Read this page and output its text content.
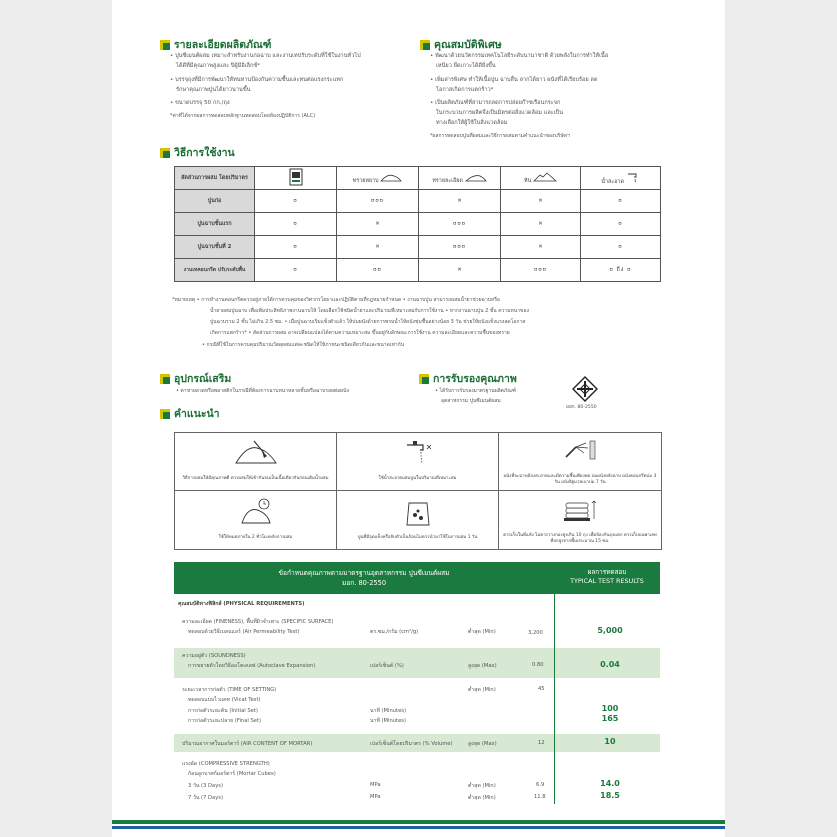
รายละเอียดผลิตภัณฑ์
• ปูนซีเมนต์ผสม เหมาะสำหรับงานก่อฉาบ และงานเทปรับระดับที่ใช้ในงานทั่วไป
ได้ดีที่มีคุณภาพสูงและ ปิผู้มีอิเล็กซ์*
• บรรจุถุงที่มีการพัฒนาให้ทนทานป้องกันความชื้นและทนต่อแรงกระแทก
รักษาคุณภาพปูนได้ยาวนานขึ้น
• ขนาดบรรจุ 50 กก./ถุง
*ค่าที่ได้จากผลการทดสอบหลักฐานทดสอบโดยห้องปฏิบัติการ (ALC)
คุณสมบัติพิเศษ
• พัฒนาด้วยนวัตกรรมเทคโนโลยีระดับนานาชาติ ด้วยพลังในการทำให้เนื้อ
เหนียว ยึดเกาะได้ดียิ่งขึ้น
• เพิ่มสารพิเศษ ทำให้เนื้อปูน ฉาบลื่น ลากได้ยาว ผนังที่ได้เรียบร้อย ลด
โอกาสเกิดการแตกร้าว*
• เป็นผลิตภัณฑ์ที่สามารถลดการปล่อยก๊าซเรือนกระจก
ในกระบวนการผลิตจึงเป็นมิตรต่อสิ่งแวดล้อม และเป็น
ทางเลือกให้ผู้ใช้ในสิ่งแวดล้อม
*ผลการทดสอบปูนที่ผสมและวิธีการผสมตามคำแนะนำของบริษัทฯ
วิธีการใช้งาน
สัดส่วนการผสม โดยปริมาตร		ทรายหยาบ	ทรายละเอียด	หิน	น้ำสะอาด
ปูนก่อ	ʊ	ʊʊʊ	✕	✕	ʊ
ปูนฉาบชั้นแรก	ʊ	✕	ʊʊʊ	✕	ʊ
ปูนฉาบชั้นที่ 2	ʊ	✕	ʊʊʊ	✕	ʊ
งานเทคอนกรีต ปรับระดับพื้น	ʊ	ʊʊ	✕	ʊʊʊ	ʊ ถึง ʊ
*หมายเหตุ • การทำงานคอนกรีตควรอยู่ภายใต้การควบคุมของวิศวกรโยธาและปฏิบัติตามที่กฎหมายกำหนด • งานฉาบปูน สามารถผสมน้ำยาช่วยฉาบหรือ
น้ำยาผสมปูนฉาบ เพื่อเพิ่มประสิทธิภาพงานฉาบให้ โดยเลือกใช้ชนิดน้ำยาและปริมาณที่เหมาะสมกับการใช้งาน • หากงานฉาบปูน 2 ชั้น ความหนาของ
ปูนฉาบรวม 2 ชั้น ไม่เกิน 2.5 ซม. • เมื่อปูนฉาบเริ่มแข็งตัวแล้ว ให้บ่มผนังด้วยการพรมน้ำให้ผนังชุ่มชื้นอย่างน้อย 3 วัน ช่วยให้ผนังแข็งแรงลดโอกาส
เกิดการแตกร้าว* • สัดส่วนการผสม อาจเปลี่ยนแปลงได้ตามความเหมาะสม ขึ้นอยู่กับลักษณะการใช้งาน ความละเอียดและความชื้นของทราย
• กรณีที่ใช้ในการควบคุมปริมาณวัสดุผสมแต่ละชนิดให้ใช้ภาชนะชนิดเดียวกันและขนาดเท่ากัน
อุปกรณ์เสริม
• ตาข่ายลวดหรือพลาสติกในกรณีที่ต้องการฉาบหนาหลายชั้นหรือฉาบรอยต่อผนัง
การรับรองคุณภาพ
• ได้รับการรับรองมาตรฐานผลิตภัณฑ์
อุตสาหกรรม ปูนซีเมนต์ผสม
มอก. 80-2550
คำแนะนำ
วิธีการผสมให้มีคุณภาพดี ควรผสมให้เข้ากันจนเป็นเนื้อเดียวกันก่อนเติมน้ำผสม	ใช้น้ำสะอาดผสมปูนในปริมาณที่เหมาะสม	ผนังที่จะฉาบต้องสะอาดและมีความชื้นเพียงพอ บ่มผนังหลังฉาบ ผนังคอนกรีตบ่ม 3 วัน ผนังอิฐมวลเบาบ่ม 7 วัน
ใช้ให้หมดภายใน 2 ชั่วโมงหลังการผสม	ปูนที่มีจุดแข็งหรือจับตัวเป็นก้อนไม่ควรนำมาใช้ในการผสม 1 วัน	ควรเก็บในที่แห้ง ไม่ควรวางกองสูงเกิน 10 ถุง เพื่อป้องกันถุงแตก ควรเก็บบนพาเลทที่ยกสูงจากพื้นประมาณ 15 ซม.
ข้อกำหนดคุณภาพตามมาตรฐานอุตสาหกรรม ปูนซีเมนต์ผสม
มอก. 80-2550
ผลการทดสอบ
TYPICAL TEST RESULTS
คุณสมบัติทางฟิสิกส์ (PHYSICAL REQUIREMENTS)
ความละเอียด (FINENESS), พื้นที่ผิวจำเพาะ (SPECIFIC SURFACE)
ทดสอบด้วยวิธีเบลนแอร์ (Air Permeability Test)	ตร.ซม./กรัม (cm²/g)	ต่ำสุด (Min)	3,200	5,000
ความอยู่ตัว (SOUNDNESS)
การขยายตัวโดยวิธีออโตเคลฟ (Autoclave Expansion)	เปอร์เซ็นต์ (%)	สูงสุด (Max)	0.80	0.04
ระยะเวลาการก่อตัว (TIME OF SETTING)
ทดสอบแบบไวแคท (Vicat Test)
ต่ำสุด (Min)	45
การก่อตัวระยะต้น (Initial Set)	นาที (Minutes)	100
การก่อตัวระยะปลาย (Final Set)	นาที (Minutes)	165
ปริมาณอากาศในมอร์ตาร์ (AIR CONTENT OF MORTAR)	เปอร์เซ็นต์โดยปริมาตร (% Volume)	สูงสุด (Max)	12	10
แรงอัด (COMPRESSIVE STRENGTH)
ก้อนลูกบาศก์มอร์ตาร์ (Mortar Cubes)
3 วัน (3 Days)	MPa	ต่ำสุด (Min)	6.9	14.0
7 วัน (7 Days)	MPa	ต่ำสุด (Min)	11.8	18.5
